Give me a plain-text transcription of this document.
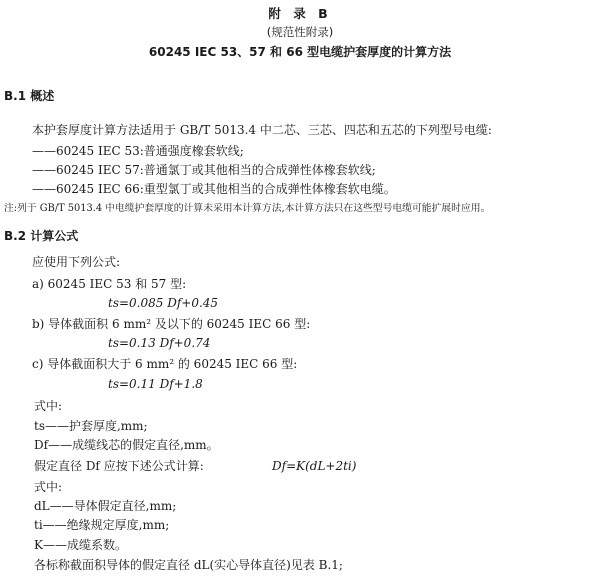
附 录 B
(规范性附录)
60245 IEC 53、57 和 66 型电缆护套厚度的计算方法
B.1 概述
本护套厚度计算方法适用于 GB/T 5013.4 中二芯、三芯、四芯和五芯的下列型号电缆:
——60245 IEC 53:普通强度橡套软线;
——60245 IEC 57:普通氯丁或其他相当的合成弹性体橡套软线;
——60245 IEC 66:重型氯丁或其他相当的合成弹性体橡套软电缆。
注:列于 GB/T 5013.4 中电缆护套厚度的计算未采用本计算方法,本计算方法只在这些型号电缆可能扩展时应用。
B.2 计算公式
应使用下列公式:
a) 60245 IEC 53 和 57 型:
ts=0.085 Df+0.45
b) 导体截面积 6 mm² 及以下的 60245 IEC 66 型:
ts=0.13 Df+0.74
c) 导体截面积大于 6 mm² 的 60245 IEC 66 型:
ts=0.11 Df+1.8
式中:
ts——护套厚度,mm;
Df——成缆线芯的假定直径,mm。
假定直径 Df 应按下述公式计算:	Df=K(dL+2ti)
式中:
dL——导体假定直径,mm;
ti——绝缘规定厚度,mm;
K——成缆系数。
各标称截面积导体的假定直径 dL(实心导体直径)见表 B.1;
